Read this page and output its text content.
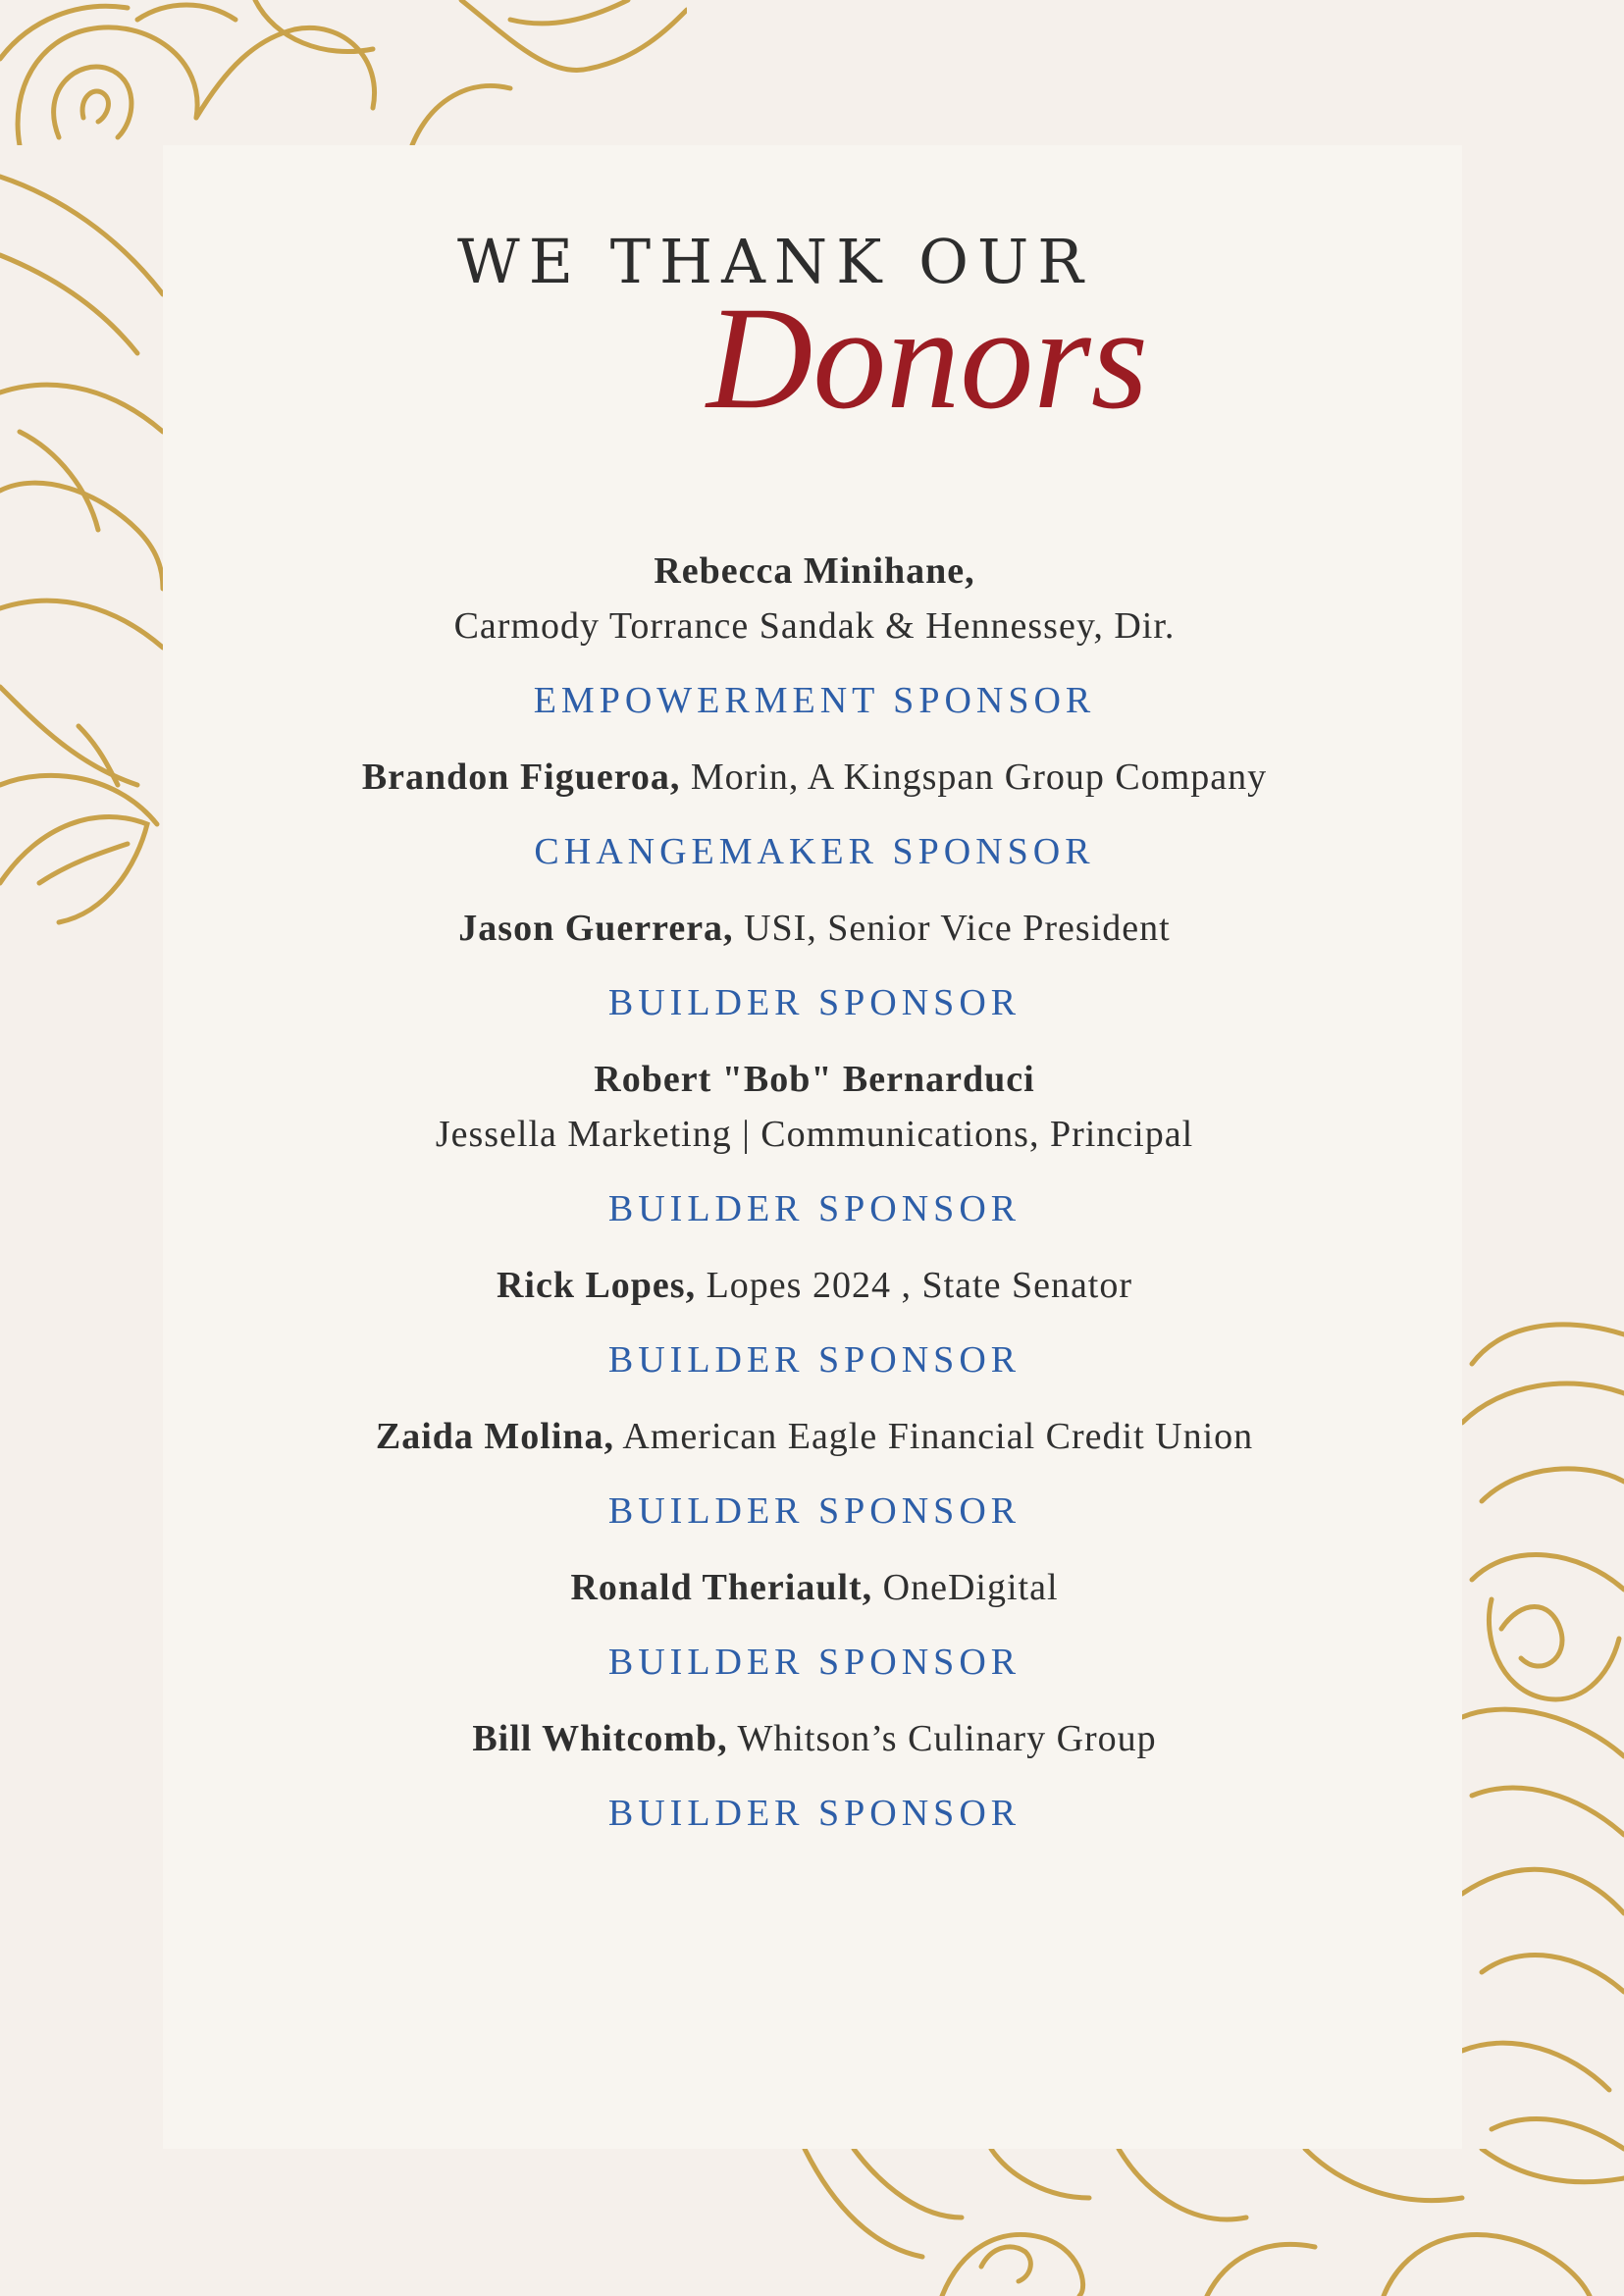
WE THANK OUR
Donors
Rebecca Minihane,
Carmody Torrance Sandak & Hennessey, Dir.
EMPOWERMENT SPONSOR
Brandon Figueroa, Morin, A Kingspan Group Company
CHANGEMAKER SPONSOR
Jason Guerrera, USI, Senior Vice President
BUILDER SPONSOR
Robert "Bob" Bernarduci
Jessella Marketing | Communications, Principal
BUILDER SPONSOR
Rick Lopes, Lopes 2024 , State Senator
BUILDER SPONSOR
Zaida Molina, American Eagle Financial Credit Union
BUILDER SPONSOR
Ronald Theriault, OneDigital
BUILDER SPONSOR
Bill Whitcomb, Whitson’s Culinary Group
BUILDER SPONSOR
